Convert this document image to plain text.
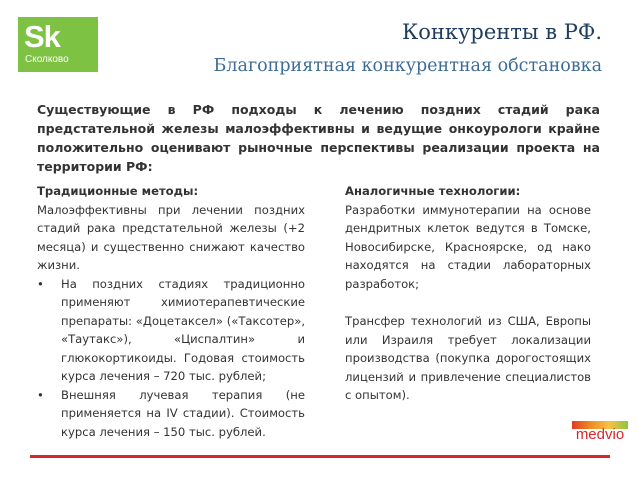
Sk
Сколково
Конкуренты в РФ.
Благоприятная конкурентная обстановка

Существующие в РФ подходы к лечению поздних стадий рака предстательной железы малоэффективны и ведущие онкоурологи крайне положительно оценивают рыночные перспективы реализации проекта на территории РФ:

Традиционные методы:

Малоэффективны при лечении поздних стадий рака предстательной железы (+2 месяца) и существенно снижают качество жизни.

• На поздних стадиях традиционно применяют химиотерапевтические препараты: «Доцетаксел» («Таксотер», «Таутакс»), «Циспалтин» и глюкокортикоиды. Годовая стоимость курса лечения – 720 тыс. рублей;
• Внешняя лучевая терапия (не применяется на IV стадии). Стоимость курса лечения – 150 тыс. рублей.
Аналогичные технологии:

Разработки иммунотерапии на основе дендритных клеток ведутся в Томске, Новосибирске, Красноярске, од нако находятся на стадии лабораторных разработок;

Трансфер технологий из США, Европы или Израиля требует локализации производства (покупка дорогостоящих лицензий и привлечение специалистов с опытом).

medvio
